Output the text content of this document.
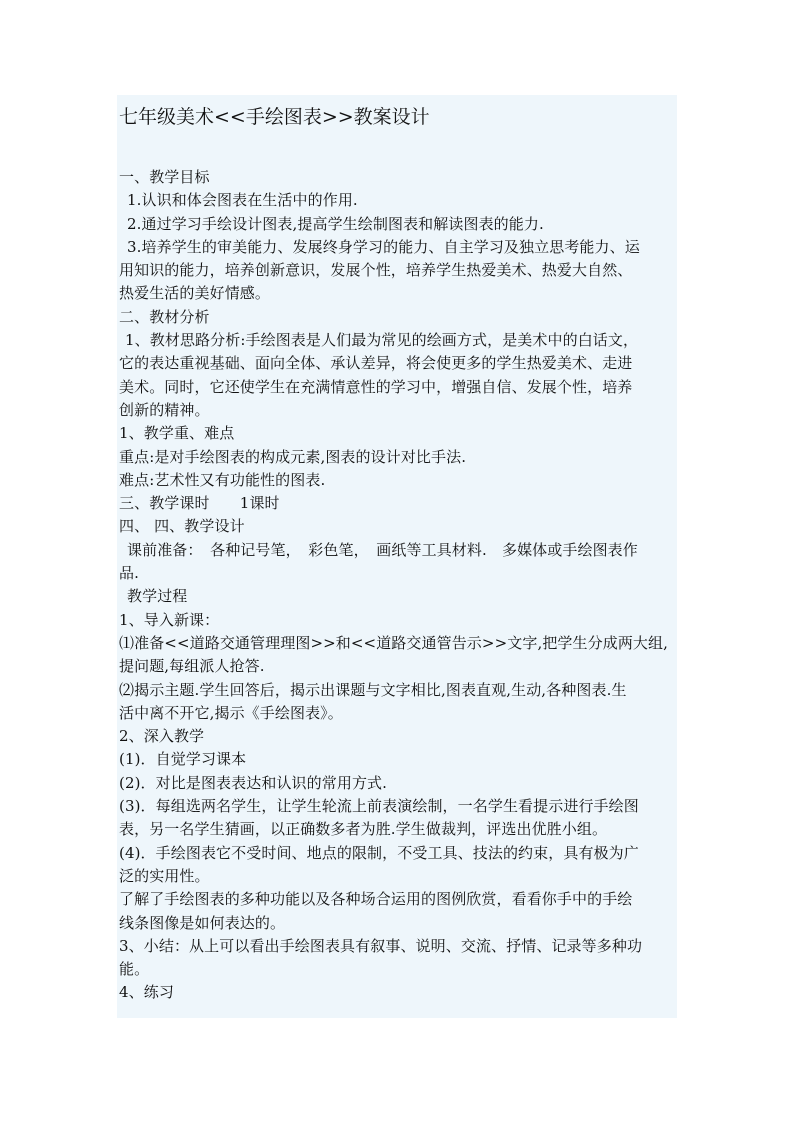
七年级美术<<手绘图表>>教案设计

一、教学目标

1.认识和体会图表在生活中的作用.

2.通过学习手绘设计图表,提高学生绘制图表和解读图表的能力.

3.培养学生的审美能力、发展终身学习的能力、自主学习及独立思考能力、运

用知识的能力，培养创新意识，发展个性，培养学生热爱美术、热爱大自然、

热爱生活的美好情感。

二、教材分析

1、教材思路分析:手绘图表是人们最为常见的绘画方式，是美术中的白话文，

它的表达重视基础、面向全体、承认差异，将会使更多的学生热爱美术、走进

美术。同时，它还使学生在充满情意性的学习中，增强自信、发展个性，培养

创新的精神。

1、教学重、难点

重点:是对手绘图表的构成元素,图表的设计对比手法.

难点:艺术性又有功能性的图表.

三、教学课时　　1课时

四、 四、教学设计

课前准备：　各种记号笔，　彩色笔，　画纸等工具材料.　多媒体或手绘图表作

品.

教学过程

1、导入新课：

⑴准备<<道路交通管理理图>>和<<道路交通管告示>>文字,把学生分成两大组,

提问题,每组派人抢答.

⑵揭示主题.学生回答后，揭示出课题与文字相比,图表直观,生动,各种图表.生

活中离不开它,揭示《手绘图表》。

2、深入教学

(1)．自觉学习课本

(2)．对比是图表表达和认识的常用方式.

(3)．每组选两名学生，让学生轮流上前表演绘制，一名学生看提示进行手绘图

表，另一名学生猜画，以正确数多者为胜.学生做裁判，评选出优胜小组。

(4)．手绘图表它不受时间、地点的限制，不受工具、技法的约束，具有极为广

泛的实用性。

了解了手绘图表的多种功能以及各种场合运用的图例欣赏，看看你手中的手绘

线条图像是如何表达的。

3、小结：从上可以看出手绘图表具有叙事、说明、交流、抒情、记录等多种功

能。

4、练习
